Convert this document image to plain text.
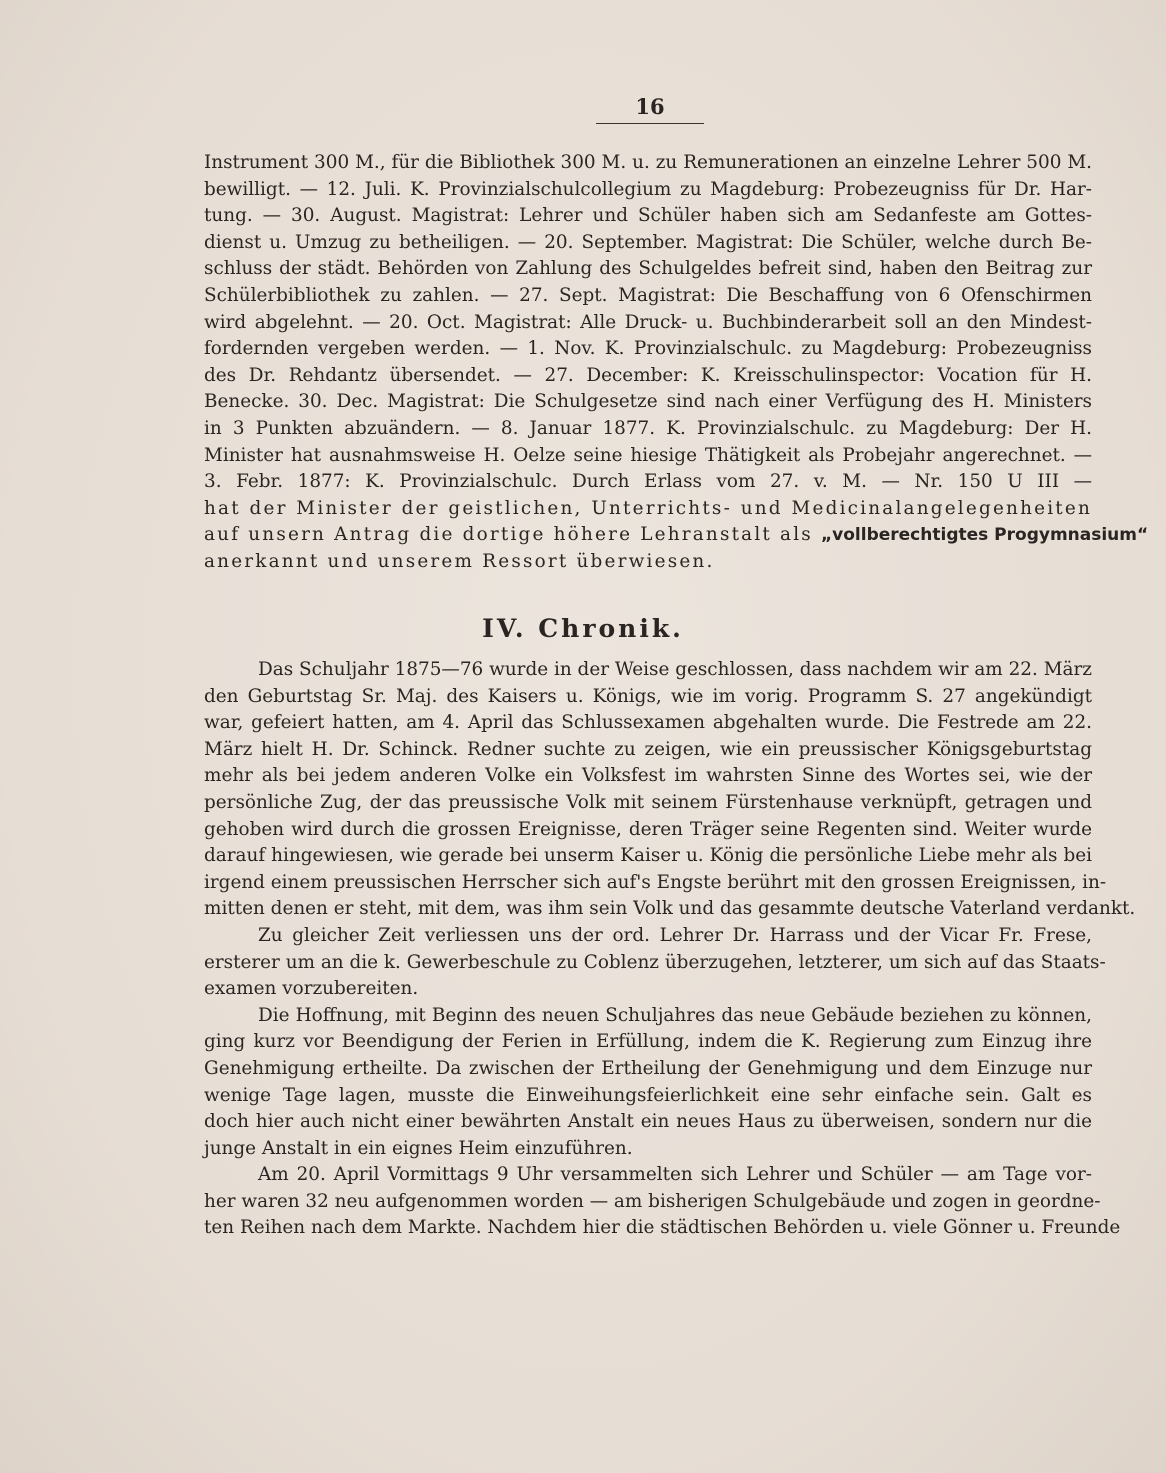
16
Instrument 300 M., für die Bibliothek 300 M. u. zu Remunerationen an einzelne Lehrer 500 M.
bewilligt. — 12. Juli. K. Provinzialschulcollegium zu Magdeburg: Probezeugniss für Dr. Har-
tung. — 30. August. Magistrat: Lehrer und Schüler haben sich am Sedanfeste am Gottes-
dienst u. Umzug zu betheiligen. — 20. September. Magistrat: Die Schüler, welche durch Be-
schluss der städt. Behörden von Zahlung des Schulgeldes befreit sind, haben den Beitrag zur
Schülerbibliothek zu zahlen. — 27. Sept. Magistrat: Die Beschaffung von 6 Ofenschirmen
wird abgelehnt. — 20. Oct. Magistrat: Alle Druck- u. Buchbinderarbeit soll an den Mindest-
fordernden vergeben werden. — 1. Nov. K. Provinzialschulc. zu Magdeburg: Probezeugniss
des Dr. Rehdantz übersendet. — 27. December: K. Kreisschulinspector: Vocation für H.
Benecke. 30. Dec. Magistrat: Die Schulgesetze sind nach einer Verfügung des H. Ministers
in 3 Punkten abzuändern. — 8. Januar 1877. K. Provinzialschulc. zu Magdeburg: Der H.
Minister hat ausnahmsweise H. Oelze seine hiesige Thätigkeit als Probejahr angerechnet. —
3. Febr. 1877: K. Provinzialschulc. Durch Erlass vom 27. v. M. — Nr. 150 U III —
hat der Minister der geistlichen, Unterrichts- und Medicinalangelegenheiten
auf unsern Antrag die dortige höhere Lehranstalt als „vollberechtigtes Progymnasium“
anerkannt und unserem Ressort überwiesen.
IV. Chronik.
Das Schuljahr 1875—76 wurde in der Weise geschlossen, dass nachdem wir am 22. März
den Geburtstag Sr. Maj. des Kaisers u. Königs, wie im vorig. Programm S. 27 angekündigt
war, gefeiert hatten, am 4. April das Schlussexamen abgehalten wurde. Die Festrede am 22.
März hielt H. Dr. Schinck. Redner suchte zu zeigen, wie ein preussischer Königsgeburtstag
mehr als bei jedem anderen Volke ein Volksfest im wahrsten Sinne des Wortes sei, wie der
persönliche Zug, der das preussische Volk mit seinem Fürstenhause verknüpft, getragen und
gehoben wird durch die grossen Ereignisse, deren Träger seine Regenten sind. Weiter wurde
darauf hingewiesen, wie gerade bei unserm Kaiser u. König die persönliche Liebe mehr als bei
irgend einem preussischen Herrscher sich auf's Engste berührt mit den grossen Ereignissen, in-
mitten denen er steht, mit dem, was ihm sein Volk und das gesammte deutsche Vaterland verdankt.
Zu gleicher Zeit verliessen uns der ord. Lehrer Dr. Harrass und der Vicar Fr. Frese,
ersterer um an die k. Gewerbeschule zu Coblenz überzugehen, letzterer, um sich auf das Staats-
examen vorzubereiten.
Die Hoffnung, mit Beginn des neuen Schuljahres das neue Gebäude beziehen zu können,
ging kurz vor Beendigung der Ferien in Erfüllung, indem die K. Regierung zum Einzug ihre
Genehmigung ertheilte. Da zwischen der Ertheilung der Genehmigung und dem Einzuge nur
wenige Tage lagen, musste die Einweihungsfeierlichkeit eine sehr einfache sein. Galt es
doch hier auch nicht einer bewährten Anstalt ein neues Haus zu überweisen, sondern nur die
junge Anstalt in ein eignes Heim einzuführen.
Am 20. April Vormittags 9 Uhr versammelten sich Lehrer und Schüler — am Tage vor-
her waren 32 neu aufgenommen worden — am bisherigen Schulgebäude und zogen in geordne-
ten Reihen nach dem Markte. Nachdem hier die städtischen Behörden u. viele Gönner u. Freunde
